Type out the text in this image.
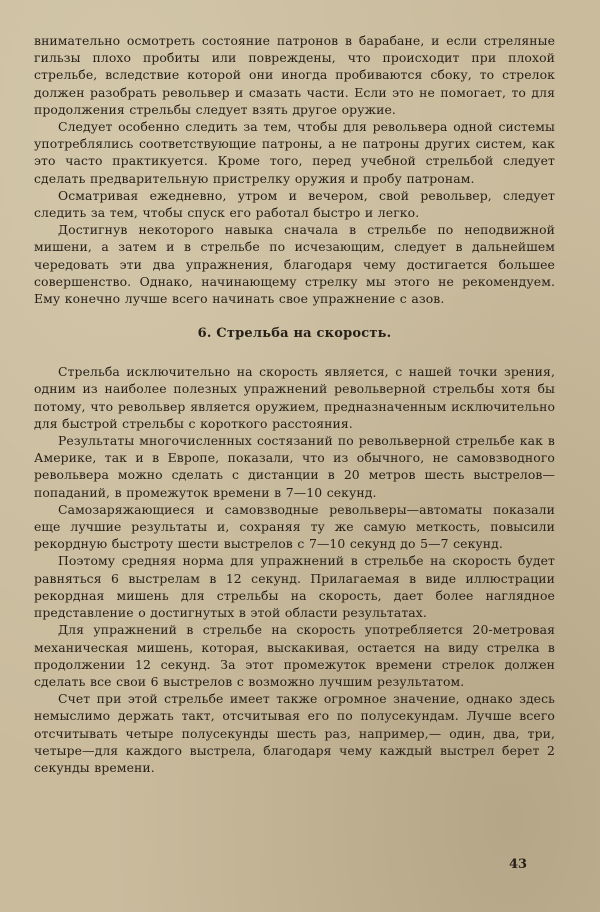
внимательно осмотреть состояние патронов в барабане, и если стреляные гильзы плохо пробиты или повреждены, что происходит при плохой стрельбе, вследствие которой они иногда пробиваются сбоку, то стрелок должен разобрать револьвер и смазать части. Если это не помогает, то для продолжения стрельбы следует взять другое оружие.

Следует особенно следить за тем, чтобы для револьвера одной системы употреблялись соответствующие патроны, а не патроны других систем, как это часто практикуется. Кроме того, перед учебной стрельбой следует сделать предварительную пристрелку оружия и пробу патронам.

Осматривая ежедневно, утром и вечером, свой револьвер, следует следить за тем, чтобы спуск его работал быстро и легко.

Достигнув некоторого навыка сначала в стрельбе по неподвижной мишени, а затем и в стрельбе по исчезающим, следует в дальнейшем чередовать эти два упражнения, благодаря чему достигается большее совершенство. Однако, начинающему стрелку мы этого не рекомендуем. Ему конечно лучше всего начинать свое упражнение с азов.

6. Стрельба на скорость.

Стрельба исключительно на скорость является, с нашей точки зрения, одним из наиболее полезных упражнений револьверной стрельбы хотя бы потому, что револьвер является оружием, предназначенным исключительно для быстрой стрельбы с короткого расстояния.

Результаты многочисленных состязаний по револьверной стрельбе как в Америке, так и в Европе, показали, что из обычного, не самовзводного револьвера можно сделать с дистанции в 20 метров шесть выстрелов—попаданий, в промежуток времени в 7—10 секунд.

Самозаряжающиеся и самовзводные револьверы—автоматы показали еще лучшие результаты и, сохраняя ту же самую меткость, повысили рекордную быстроту шести выстрелов с 7—10 секунд до 5—7 секунд.

Поэтому средняя норма для упражнений в стрельбе на скорость будет равняться 6 выстрелам в 12 секунд. Прилагаемая в виде иллюстрации рекордная мишень для стрельбы на скорость, дает более наглядное представление о достигнутых в этой области результатах.

Для упражнений в стрельбе на скорость употребляется 20-метровая механическая мишень, которая, выскакивая, остается на виду стрелка в продолжении 12 секунд. За этот промежуток времени стрелок должен сделать все свои 6 выстрелов с возможно лучшим результатом.

Счет при этой стрельбе имеет также огромное значение, однако здесь немыслимо держать такт, отсчитывая его по полусекундам. Лучше всего отсчитывать четыре полусекунды шесть раз, например,— один, два, три, четыре—для каждого выстрела, благодаря чему каждый выстрел берет 2 секунды времени.

43
